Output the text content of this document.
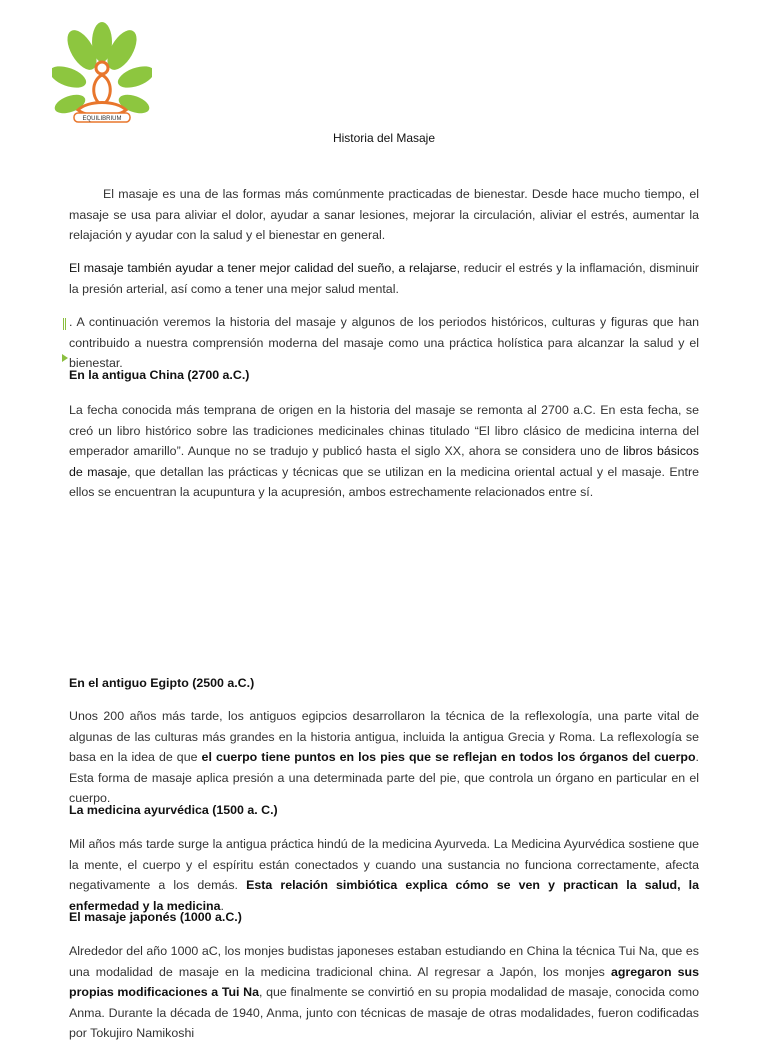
EQUILIBRIUM
Historia del Masaje

El masaje es una de las formas más comúnmente practicadas de bienestar. Desde hace mucho tiempo, el masaje se usa para aliviar el dolor, ayudar a sanar lesiones, mejorar la circulación, aliviar el estrés, aumentar la relajación y ayudar con la salud y el bienestar en general.

El masaje también ayudar a tener mejor calidad del sueño, a relajarse, reducir el estrés y la inflamación, disminuir la presión arterial, así como a tener una mejor salud mental.

. A continuación veremos la historia del masaje y algunos de los periodos históricos, culturas y figuras que han contribuido a nuestra comprensión moderna del masaje como una práctica holística para alcanzar la salud y el bienestar.

En la antigua China (2700 a.C.)

La fecha conocida más temprana de origen en la historia del masaje se remonta al 2700 a.C. En esta fecha, se creó un libro histórico sobre las tradiciones medicinales chinas titulado “El libro clásico de medicina interna del emperador amarillo”. Aunque no se tradujo y publicó hasta el siglo XX, ahora se considera uno de libros básicos de masaje, que detallan las prácticas y técnicas que se utilizan en la medicina oriental actual y el masaje. Entre ellos se encuentran la acupuntura y la acupresión, ambos estrechamente relacionados entre sí.

En el antiguo Egipto (2500 a.C.)

Unos 200 años más tarde, los antiguos egipcios desarrollaron la técnica de la reflexología, una parte vital de algunas de las culturas más grandes en la historia antigua, incluida la antigua Grecia y Roma. La reflexología se basa en la idea de que el cuerpo tiene puntos en los pies que se reflejan en todos los órganos del cuerpo. Esta forma de masaje aplica presión a una determinada parte del pie, que controla un órgano en particular en el cuerpo.

La medicina ayurvédica (1500 a. C.)

Mil años más tarde surge la antigua práctica hindú de la medicina Ayurveda. La Medicina Ayurvédica sostiene que la mente, el cuerpo y el espíritu están conectados y cuando una sustancia no funciona correctamente, afecta negativamente a los demás. Esta relación simbiótica explica cómo se ven y practican la salud, la enfermedad y la medicina.

El masaje japonés (1000 a.C.)

Alrededor del año 1000 aC, los monjes budistas japoneses estaban estudiando en China la técnica Tui Na, que es una modalidad de masaje en la medicina tradicional china. Al regresar a Japón, los monjes agregaron sus propias modificaciones a Tui Na, que finalmente se convirtió en su propia modalidad de masaje, conocida como Anma. Durante la década de 1940, Anma, junto con técnicas de masaje de otras modalidades, fueron codificadas por Tokujiro Namikoshi
